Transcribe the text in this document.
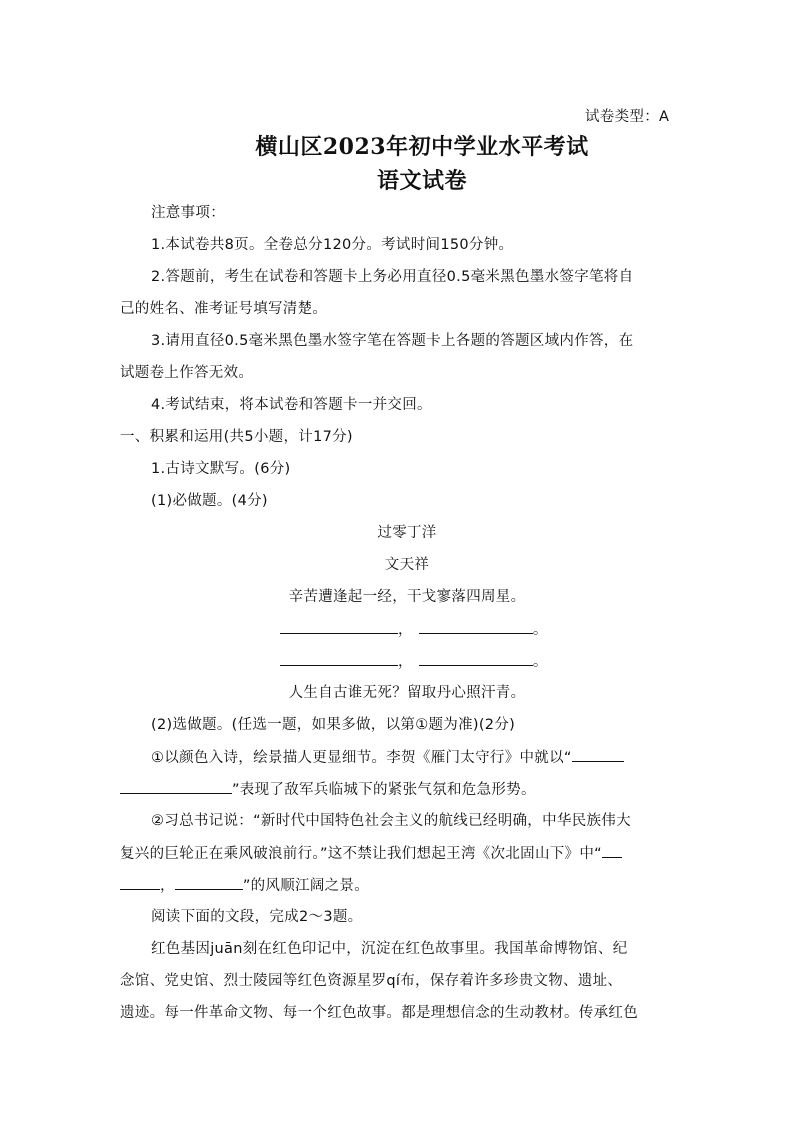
试卷类型：A
横山区2023年初中学业水平考试
语文试卷
注意事项：
1.本试卷共8页。全卷总分120分。考试时间150分钟。
2.答题前，考生在试卷和答题卡上务必用直径0.5毫米黑色墨水签字笔将自
己的姓名、准考证号填写清楚。
3.请用直径0.5毫米黑色墨水签字笔在答题卡上各题的答题区域内作答，在
试题卷上作答无效。
4.考试结束，将本试卷和答题卡一并交回。
一、积累和运用(共5小题，计17分)
1.古诗文默写。(6分)
(1)必做题。(4分)
过零丁洋
文天祥
辛苦遭逢起一经，干戈寥落四周星。
，	。
，	。
人生自古谁无死？留取丹心照汗青。
(2)选做题。(任选一题，如果多做，以第①题为准)(2分)
①以颜色入诗，绘景描人更显细节。李贺《雁门太守行》中就以“
”表现了敌军兵临城下的紧张气氛和危急形势。
②习总书记说：“新时代中国特色社会主义的航线已经明确，中华民族伟大
复兴的巨轮正在乘风破浪前行。”这不禁让我们想起王湾《次北固山下》中“
，	”的风顺江阔之景。
阅读下面的文段，完成2～3题。
红色基因juān刻在红色印记中，沉淀在红色故事里。我国革命博物馆、纪
念馆、党史馆、烈士陵园等红色资源星罗qí布，保存着许多珍贵文物、遗址、
遗迹。每一件革命文物、每一个红色故事。都是理想信念的生动教材。传承红色
